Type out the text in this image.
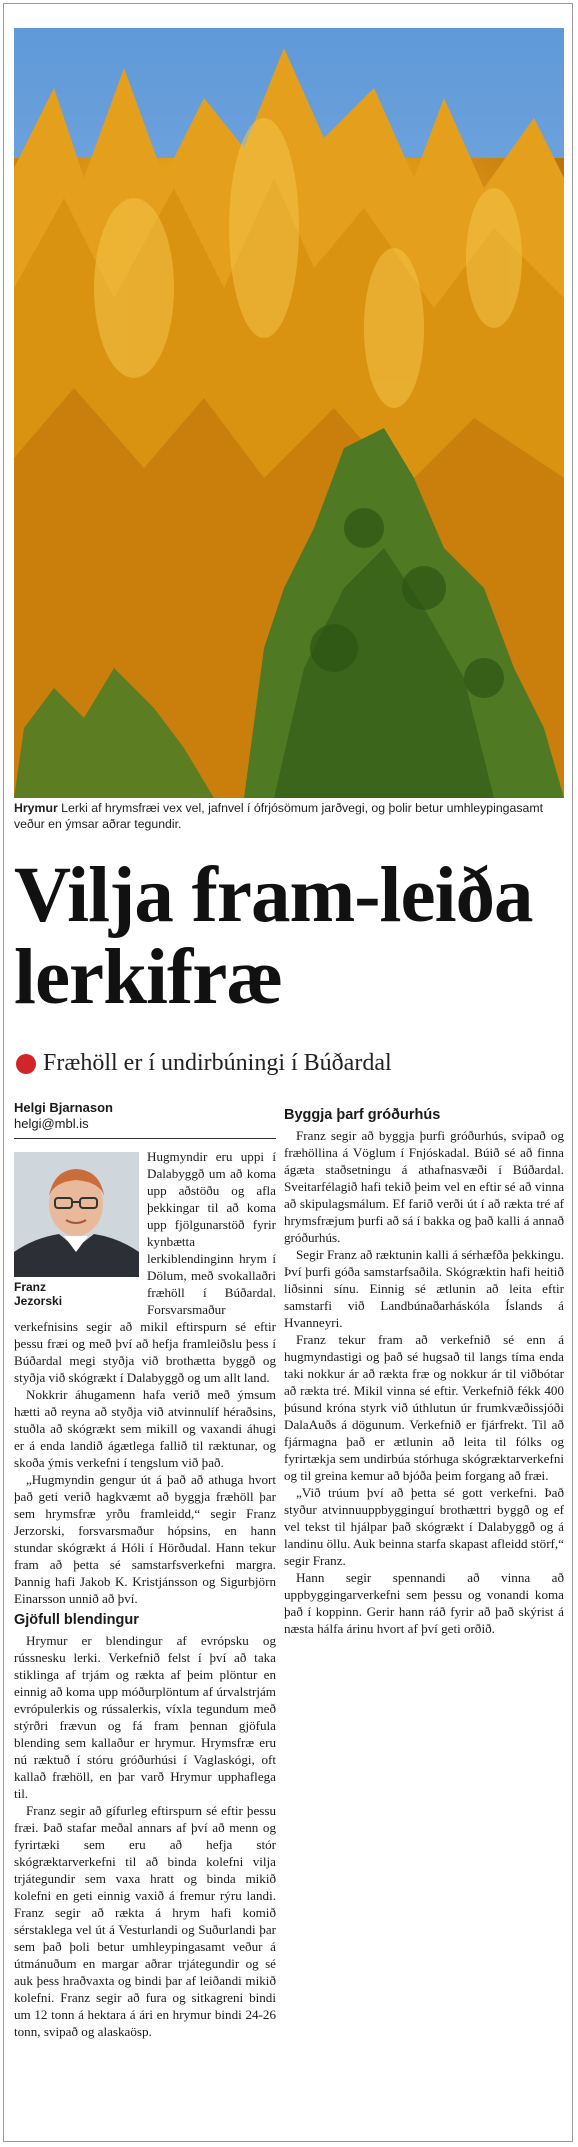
Hrymur Lerki af hrymsfræi vex vel, jafnvel í ófrjósömum jarðvegi, og þolir betur umhleypingasamt veður en ýmsar aðrar tegundir.
Vilja fram-leiða lerkifræ
Fræhöll er í undirbúningi í Búðardal
Helgi Bjarnason
helgi@mbl.is

Franz Jezorski
Hugmyndir eru uppi í Dalabyggð um að koma upp aðstöðu og afla þekkingar til að koma upp fjölgunarstöð fyrir kynbætta lerkiblendinginn hrym í Dölum, með svokallaðri fræhöll í Búðardal. Forsvarsmaður verkefnisins segir að mikil eftirspurn sé eftir þessu fræi og með því að hefja framleiðslu þess í Búðardal megi styðja við brothætta byggð og styðja við skógrækt í Dalabyggð og um allt land.

Nokkrir áhugamenn hafa verið með ýmsum hætti að reyna að styðja við atvinnulíf héraðsins, stuðla að skógrækt sem mikill og vaxandi áhugi er á enda landið ágætlega fallið til ræktunar, og skoða ýmis verkefni í tengslum við það.

„Hugmyndin gengur út á það að athuga hvort það geti verið hagkvæmt að byggja fræhöll þar sem hrymsfræ yrðu framleidd,“ segir Franz Jerzorski, forsvarsmaður hópsins, en hann stundar skógrækt á Hóli í Hörðudal. Hann tekur fram að þetta sé samstarfsverkefni margra. Þannig hafi Jakob K. Kristjánsson og Sigurbjörn Einarsson unnið að því.

Gjöfull blendingur

Hrymur er blendingur af evrópsku og rússnesku lerki. Verkefnið felst í því að taka stiklinga af trjám og rækta af þeim plöntur en einnig að koma upp móðurplöntum af úrvalstrjám evrópulerkis og rússalerkis, víxla tegundum með stýrðri frævun og fá fram þennan gjöfula blending sem kallaður er hrymur. Hrymsfræ eru nú ræktuð í stóru gróðurhúsi í Vaglaskógi, oft kallað fræhöll, en þar varð Hrymur upphaflega til.

Franz segir að gífurleg eftirspurn sé eftir þessu fræi. Það stafar meðal annars af því að menn og fyrirtæki sem eru að hefja stór skógræktarverkefni til að binda kolefni vilja trjátegundir sem vaxa hratt og binda mikið kolefni en geti einnig vaxið á fremur rýru landi. Franz segir að rækta á hrym hafi komið sérstaklega vel út á Vesturlandi og Suðurlandi þar sem það þoli betur umhleypingasamt veður á útmánuðum en margar aðrar trjátegundir og sé auk þess hraðvaxta og bindi þar af leiðandi mikið kolefni. Franz segir að fura og sitkagreni bindi um 12 tonn á hektara á ári en hrymur bindi 24-26 tonn, svipað og alaskaösp.

Byggja þarf gróðurhús

Franz segir að byggja þurfi gróðurhús, svipað og fræhöllina á Vöglum í Fnjóskadal. Búið sé að finna ágæta staðsetningu á athafnasvæði í Búðardal. Sveitarfélagið hafi tekið þeim vel en eftir sé að vinna að skipulagsmálum. Ef farið verði út í að rækta tré af hrymsfræjum þurfi að sá í bakka og það kalli á annað gróðurhús.

Segir Franz að ræktunin kalli á sérhæfða þekkingu. Því þurfi góða samstarfsaðila. Skógræktin hafi heitið liðsinni sínu. Einnig sé ætlunin að leita eftir samstarfi við Landbúnaðarháskóla Íslands á Hvanneyri.

Franz tekur fram að verkefnið sé enn á hugmyndastigi og það sé hugsað til langs tíma enda taki nokkur ár að rækta fræ og nokkur ár til viðbótar að rækta tré. Mikil vinna sé eftir. Verkefnið fékk 400 þúsund króna styrk við úthlutun úr frumkvæðissjóði DalaAuðs á dögunum. Verkefnið er fjárfrekt. Til að fjármagna það er ætlunin að leita til fólks og fyrirtækja sem undirbúa stórhuga skógræktarverkefni og til greina kemur að bjóða þeim forgang að fræi.

„Við trúum því að þetta sé gott verkefni. Það styður atvinnuuppbygginguí brothættri byggð og ef vel tekst til hjálpar það skógrækt í Dalabyggð og á landinu öllu. Auk beinna starfa skapast afleidd störf,“ segir Franz.

Hann segir spennandi að vinna að uppbyggingarverkefni sem þessu og vonandi koma það í koppinn. Gerir hann ráð fyrir að það skýrist á næsta hálfa árinu hvort af því geti orðið.
